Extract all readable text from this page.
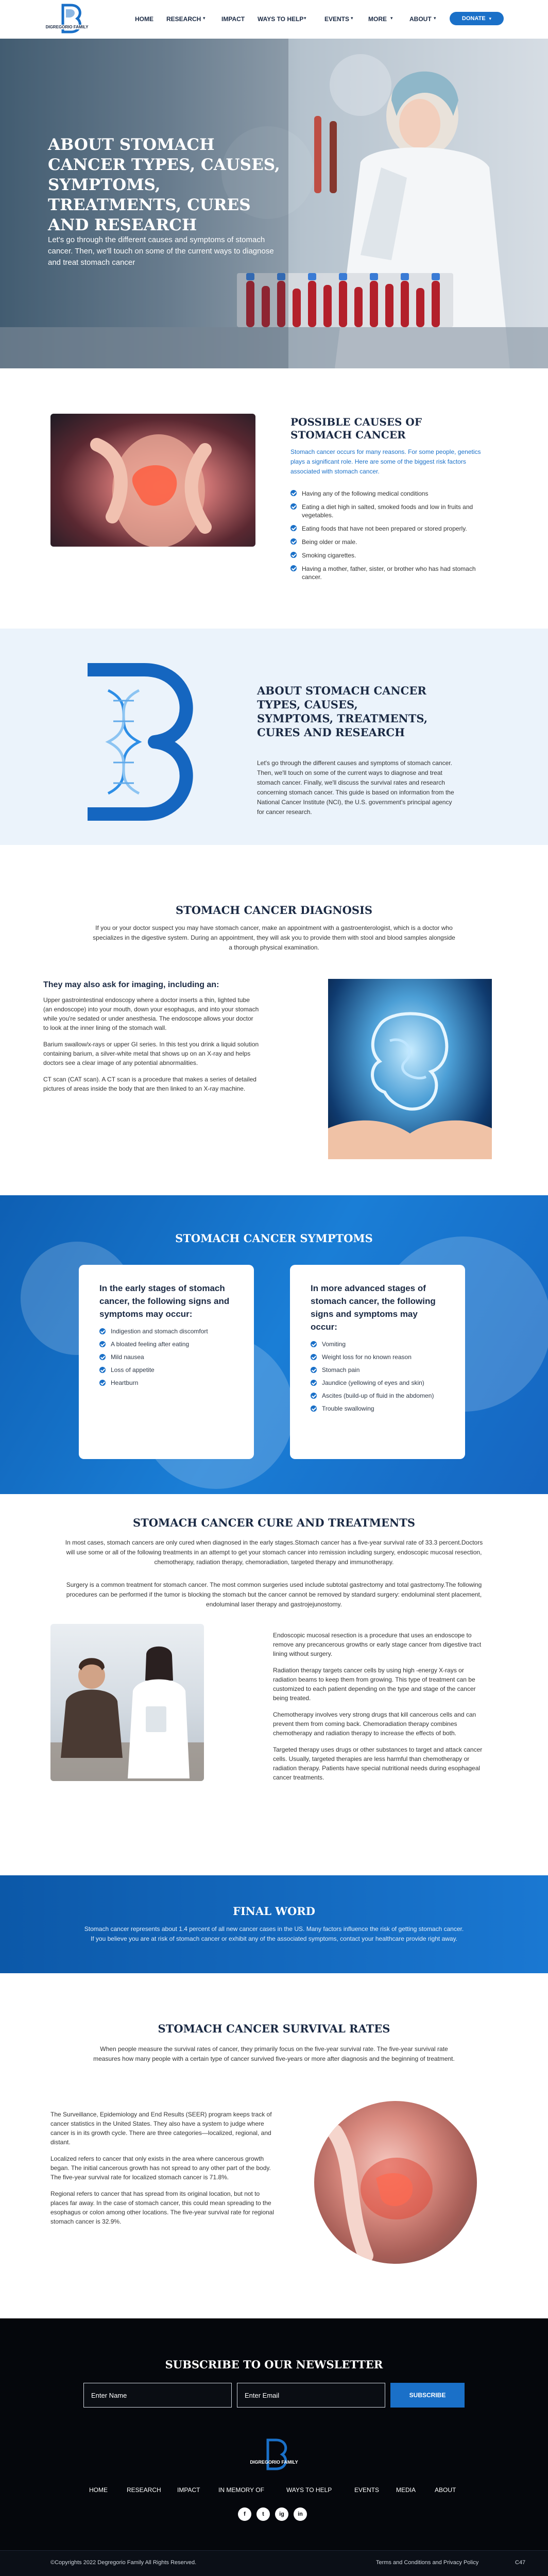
DIGREGORIO FAMILY
HOME RESEARCH ▾	IMPACT WAYS TO HELP ▾	EVENTS ▾ MORE ▾	ABOUT ▾	DONATE ▾
ABOUT STOMACH CANCER TYPES, CAUSES, SYMPTOMS, TREATMENTS, CURES AND RESEARCH
Let's go through the different causes and symptoms of stomach cancer. Then, we'll touch on some of the current ways to diagnose and treat stomach cancer
POSSIBLE CAUSES OF STOMACH CANCER
Stomach cancer occurs for many reasons. For some people, genetics plays a significant role. Here are some of the biggest risk factors associated with stomach cancer.
Having any of the following medical conditions
Eating a diet high in salted, smoked foods and low in fruits and vegetables.
Eating foods that have not been prepared or stored properly.
Being older or male.
Smoking cigarettes.
Having a mother, father, sister, or brother who has had stomach cancer.
ABOUT STOMACH CANCER TYPES, CAUSES, SYMPTOMS, TREATMENTS, CURES AND RESEARCH
Let's go through the different causes and symptoms of stomach cancer. Then, we'll touch on some of the current ways to diagnose and treat stomach cancer. Finally, we'll discuss the survival rates and research concerning stomach cancer. This guide is based on information from the National Cancer Institute (NCI), the U.S. government's principal agency for cancer research.
STOMACH CANCER DIAGNOSIS
If you or your doctor suspect you may have stomach cancer, make an appointment with a gastroenterologist, which is a doctor who specializes in the digestive system. During an appointment, they will ask you to provide them with stool and blood samples alongside a thorough physical examination.
They may also ask for imaging, including an:

Upper gastrointestinal endoscopy where a doctor inserts a thin, lighted tube (an endoscope) into your mouth, down your esophagus, and into your stomach while you're sedated or under anesthesia. The endoscope allows your doctor to look at the inner lining of the stomach wall.

Barium swallow/x-rays or upper GI series. In this test you drink a liquid solution containing barium, a silver-white metal that shows up on an X-ray and helps doctors see a clear image of any potential abnormalities.

CT scan (CAT scan). A CT scan is a procedure that makes a series of detailed pictures of areas inside the body that are then linked to an X-ray machine.

STOMACH CANCER SYMPTOMS
In the early stages of stomach cancer, the following signs and symptoms may occur:
Indigestion and stomach discomfort
A bloated feeling after eating
Mild nausea
Loss of appetite
Heartburn
In more advanced stages of stomach cancer, the following signs and symptoms may occur:
Vomiting
Weight loss for no known reason
Stomach pain
Jaundice (yellowing of eyes and skin)
Ascites (build-up of fluid in the abdomen)
Trouble swallowing
STOMACH CANCER CURE AND TREATMENTS
In most cases, stomach cancers are only cured when diagnosed in the early stages.Stomach cancer has a five-year survival rate of 33.3 percent.Doctors will use some or all of the following treatments in an attempt to get your stomach cancer into remission including surgery, endoscopic mucosal resection, chemotherapy, radiation therapy, chemoradiation, targeted therapy and immunotherapy.
Surgery is a common treatment for stomach cancer. The most common surgeries used include subtotal gastrectomy and total gastrectomy.The following procedures can be performed if the tumor is blocking the stomach but the cancer cannot be removed by standard surgery: endoluminal stent placement, endoluminal laser therapy and gastrojejunostomy.

Endoscopic mucosal resection is a procedure that uses an endoscope to remove any precancerous growths or early stage cancer from digestive tract lining without surgery.

Radiation therapy targets cancer cells by using high -energy X-rays or radiation beams to keep them from growing. This type of treatment can be customized to each patient depending on the type and stage of the cancer being treated.

Chemotherapy involves very strong drugs that kill cancerous cells and can prevent them from coming back. Chemoradiation therapy combines chemotherapy and radiation therapy to increase the effects of both.

Targeted therapy uses drugs or other substances to target and attack cancer cells. Usually, targeted therapies are less harmful than chemotherapy or radiation therapy. Patients have special nutritional needs during esophageal cancer treatments.

FINAL WORD
Stomach cancer represents about 1.4 percent of all new cancer cases in the US. Many factors influence the risk of getting stomach cancer. If you believe you are at risk of stomach cancer or exhibit any of the associated symptoms, contact your healthcare provide right away.
STOMACH CANCER SURVIVAL RATES
When people measure the survival rates of cancer, they primarily focus on the five-year survival rate. The five-year survival rate measures how many people with a certain type of cancer survived five-years or more after diagnosis and the beginning of treatment.

The Surveillance, Epidemiology and End Results (SEER) program keeps track of cancer statistics in the United States. They also have a system to judge where cancer is in its growth cycle. There are three categories—localized, regional, and distant.

Localized refers to cancer that only exists in the area where cancerous growth began. The initial cancerous growth has not spread to any other part of the body. The five-year survival rate for localized stomach cancer is 71.8%.

Regional refers to cancer that has spread from its original location, but not to places far away. In the case of stomach cancer, this could mean spreading to the esophagus or colon among other locations. The five-year survival rate for regional stomach cancer is 32.9%.

SUBSCRIBE TO OUR NEWSLETTER
Enter Name	Enter Email	SUBSCRIBE
DIGREGORIO FAMILY
HOME	RESEARCH	IMPACT	IN MEMORY OF	WAYS TO HELP	EVENTS	MEDIA	ABOUT
f	t	ig	in
©Copyrights 2022 Degregorio Family All Rights Reserved.	Terms and Conditions and Privacy Policy	C47
